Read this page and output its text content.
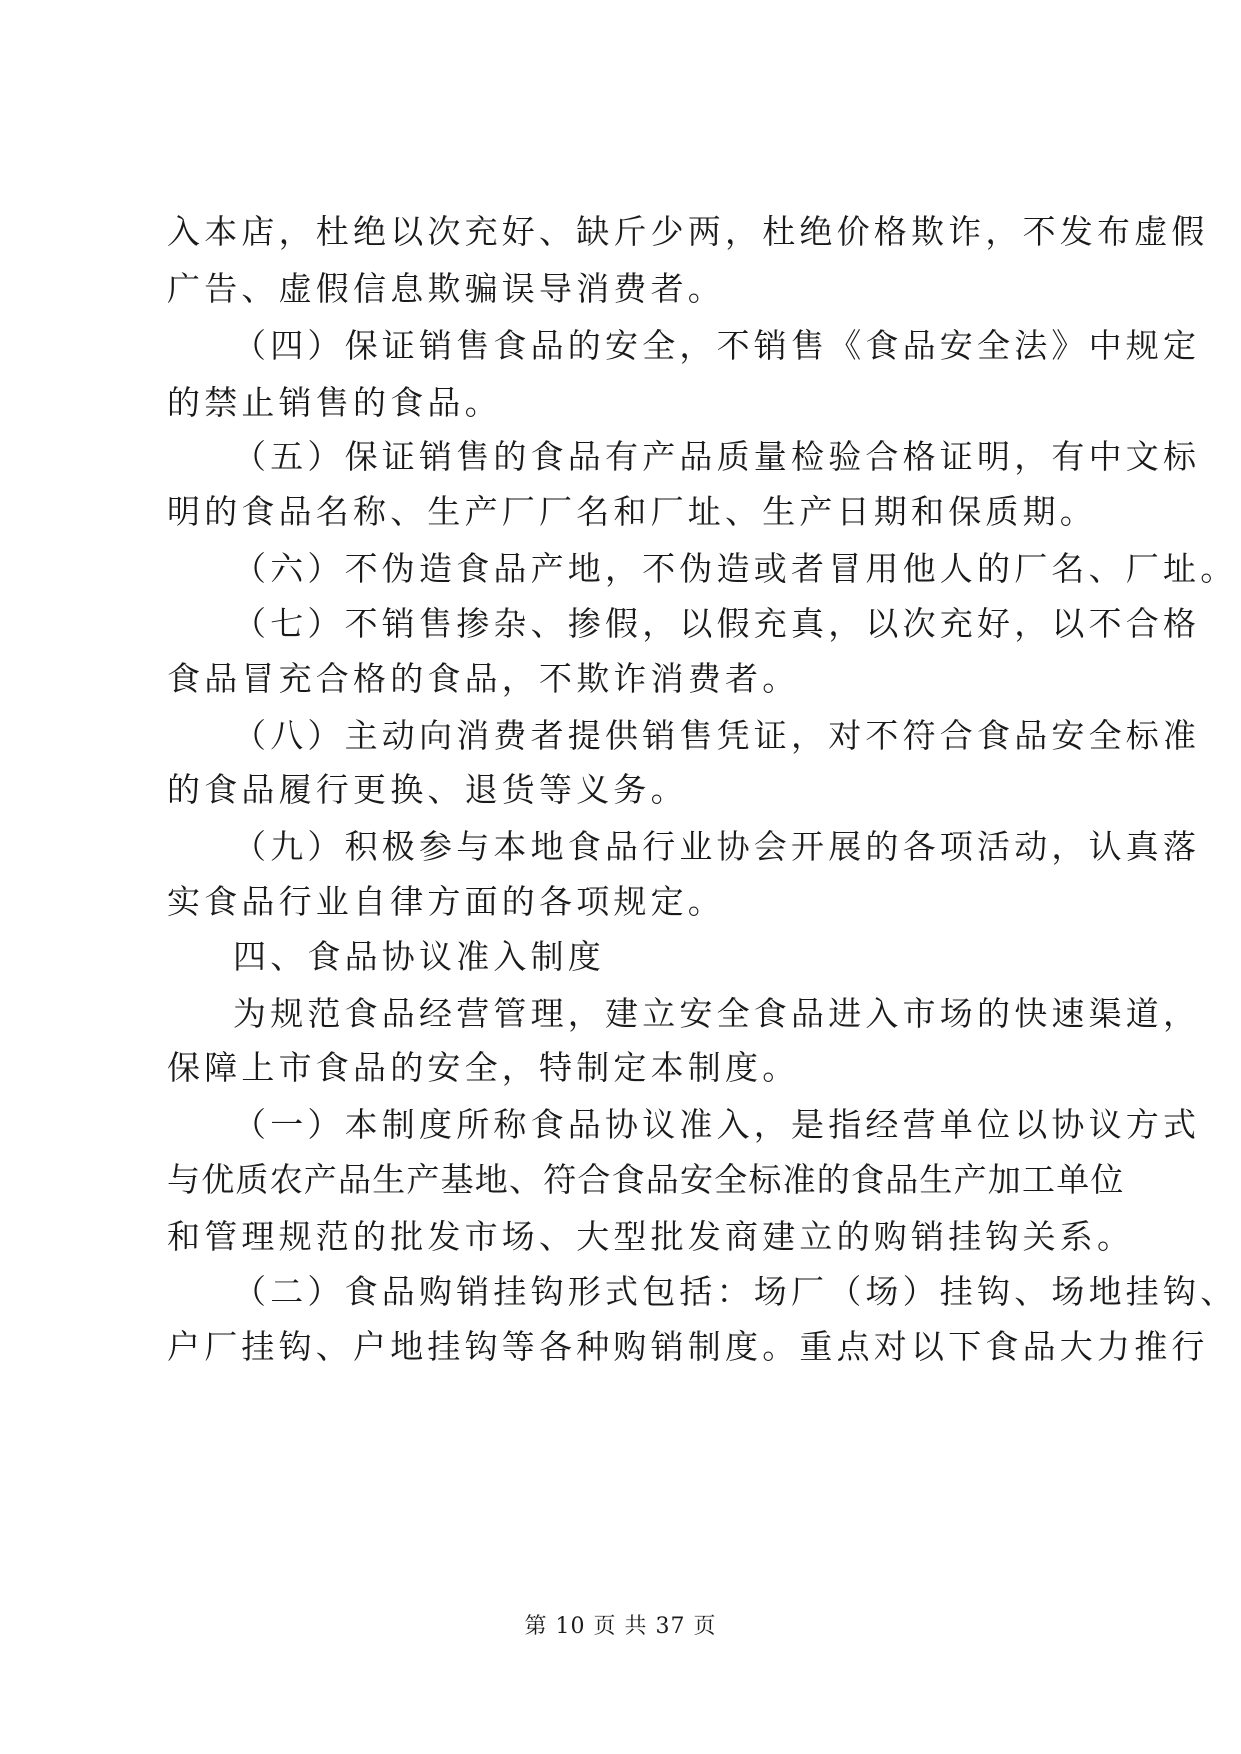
入本店，杜绝以次充好、缺斤少两，杜绝价格欺诈，不发布虚假
广告、虚假信息欺骗误导消费者。
（四）保证销售食品的安全，不销售《食品安全法》中规定
的禁止销售的食品。
（五）保证销售的食品有产品质量检验合格证明，有中文标
明的食品名称、生产厂厂名和厂址、生产日期和保质期。
（六）不伪造食品产地，不伪造或者冒用他人的厂名、厂址。
（七）不销售掺杂、掺假，以假充真，以次充好，以不合格
食品冒充合格的食品，不欺诈消费者。
（八）主动向消费者提供销售凭证，对不符合食品安全标准
的食品履行更换、退货等义务。
（九）积极参与本地食品行业协会开展的各项活动，认真落
实食品行业自律方面的各项规定。
四、食品协议准入制度
为规范食品经营管理，建立安全食品进入市场的快速渠道，
保障上市食品的安全，特制定本制度。
（一）本制度所称食品协议准入，是指经营单位以协议方式
与优质农产品生产基地、符合食品安全标准的食品生产加工单位
和管理规范的批发市场、大型批发商建立的购销挂钩关系。
（二）食品购销挂钩形式包括：场厂（场）挂钩、场地挂钩、
户厂挂钩、户地挂钩等各种购销制度。重点对以下食品大力推行
第 10 页 共 37 页
